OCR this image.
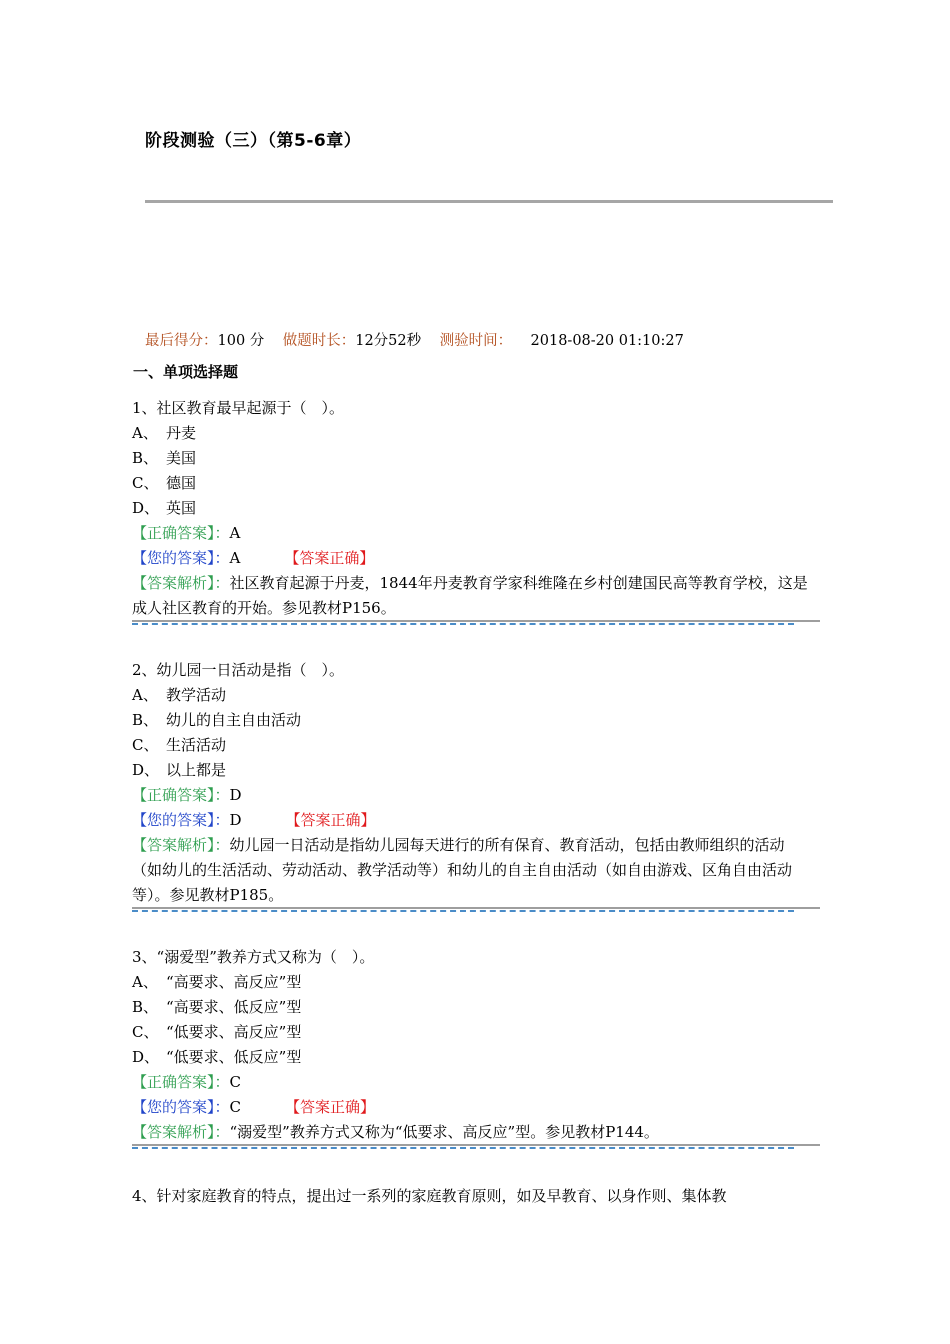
阶段测验（三）（第5-6章）
最后得分：100 分 做题时长：12分52秒 测验时间： 2018-08-20 01:10:27
一、单项选择题
1、社区教育最早起源于（　）。
A、 丹麦
B、 美国
C、 德国
D、 英国
【正确答案】：A
【您的答案】：A	【答案正确】
【答案解析】：社区教育起源于丹麦，1844年丹麦教育学家科维隆在乡村创建国民高等教育学校，这是成人社区教育的开始。参见教材P156。
2、幼儿园一日活动是指（　）。
A、 教学活动
B、 幼儿的自主自由活动
C、 生活活动
D、 以上都是
【正确答案】：D
【您的答案】：D	【答案正确】
【答案解析】：幼儿园一日活动是指幼儿园每天进行的所有保育、教育活动，包括由教师组织的活动（如幼儿的生活活动、劳动活动、教学活动等）和幼儿的自主自由活动（如自由游戏、区角自由活动等）。参见教材P185。
3、“溺爱型”教养方式又称为（　）。
A、 “高要求、高反应”型
B、 “高要求、低反应”型
C、 “低要求、高反应”型
D、 “低要求、低反应”型
【正确答案】：C
【您的答案】：C	【答案正确】
【答案解析】：“溺爱型”教养方式又称为“低要求、高反应”型。参见教材P144。
4、针对家庭教育的特点，提出过一系列的家庭教育原则，如及早教育、以身作则、集体教
